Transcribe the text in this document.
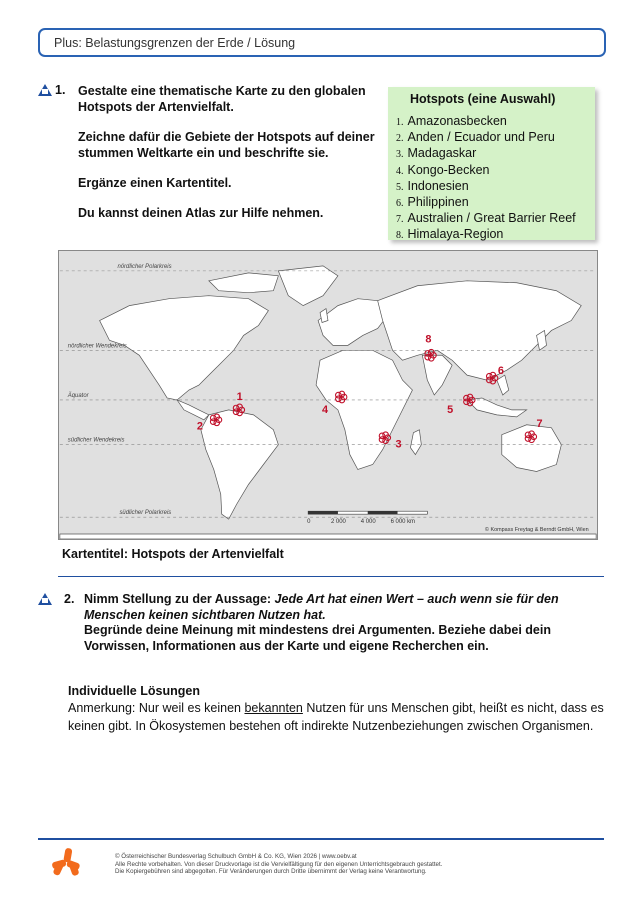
Plus: Belastungsgrenzen der Erde / Lösung
1. Gestalte eine thematische Karte zu den globalen Hotspots der Artenvielfalt.

Zeichne dafür die Gebiete der Hotspots auf deiner stummen Weltkarte ein und beschrifte sie.

Ergänze einen Kartentitel.

Du kannst deinen Atlas zur Hilfe nehmen.

Hotspots (eine Auswahl)
1. Amazonasbecken
2. Anden / Ecuador und Peru
3. Madagaskar
4. Kongo-Becken
5. Indonesien
6. Philippinen
7. Australien / Great Barrier Reef
8. Himalaya-Region
nördlicher Polarkreis
nördlicher Wendekreis
Äquator
südlicher Wendekreis
südlicher Polarkreis
0	2 000 4 000 6 000 km
© Kompass Freytag & Berndt GmbH, Wien
1
2
3
4	5
6
7
8
Kartentitel: Hotspots der Artenvielfalt
2. Nimm Stellung zu der Aussage: Jede Art hat einen Wert – auch wenn sie für den Menschen keinen sichtbaren Nutzen hat.

Begründe deine Meinung mit mindestens drei Argumenten. Beziehe dabei dein Vorwissen, Informationen aus der Karte und eigene Recherchen ein.

Individuelle Lösungen
Anmerkung: Nur weil es keinen bekannten Nutzen für uns Menschen gibt, heißt es nicht, dass es keinen gibt. In Ökosystemen bestehen oft indirekte Nutzenbeziehungen zwischen Organismen.
© Österreichischer Bundesverlag Schulbuch GmbH & Co. KG, Wien 2026 | www.oebv.at
Alle Rechte vorbehalten. Von dieser Druckvorlage ist die Vervielfältigung für den eigenen Unterrichtsgebrauch gestattet.
Die Kopiergebühren sind abgegolten. Für Veränderungen durch Dritte übernimmt der Verlag keine Verantwortung.
